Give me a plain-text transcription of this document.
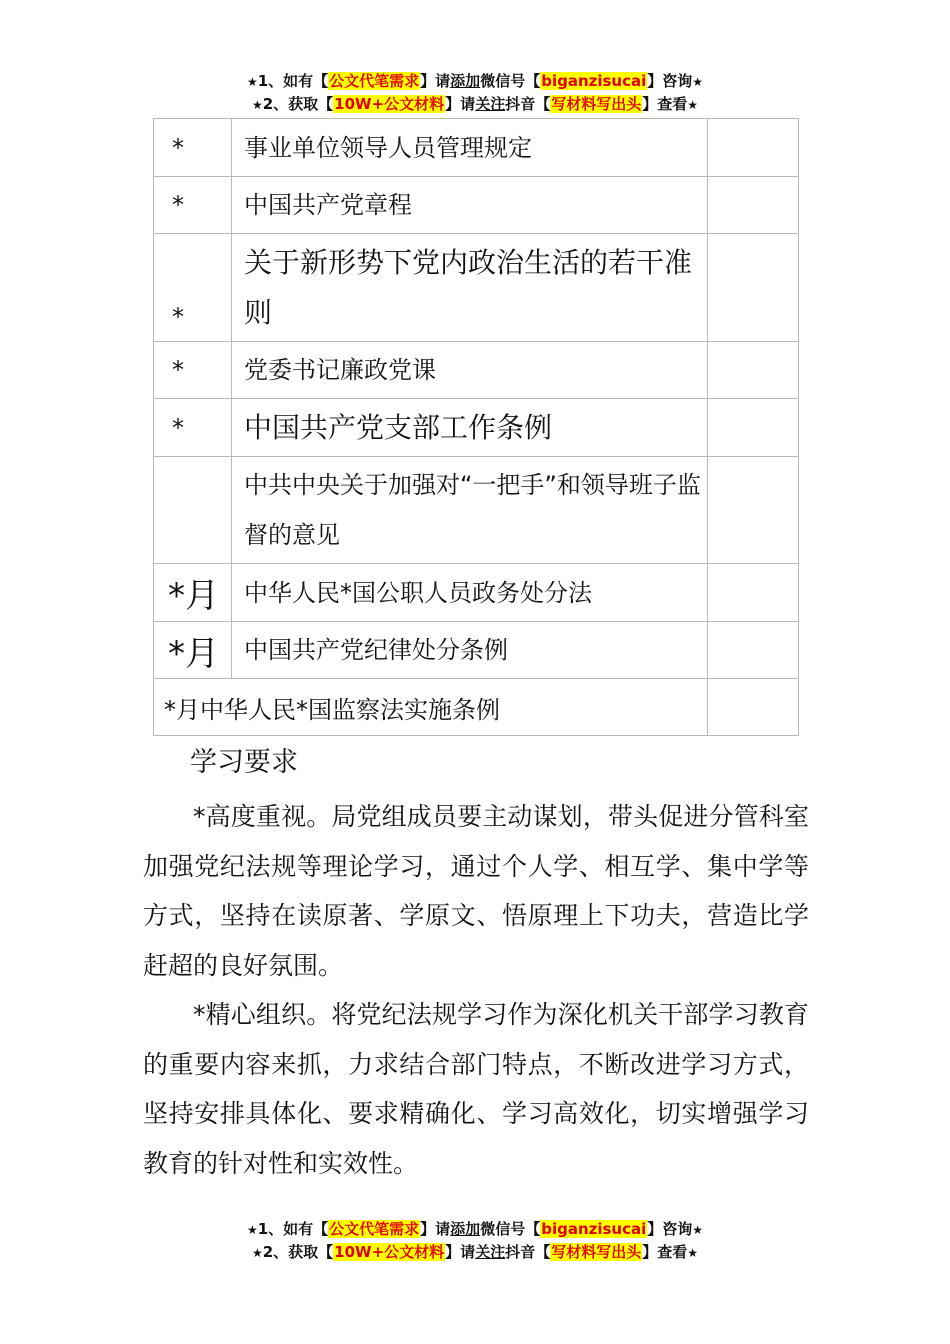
★1、如有【公文代笔需求】请添加微信号【biganzisucai】咨询★
★2、获取【10W+公文材料】请关注抖音【写材料写出头】查看★
*	事业单位领导人员管理规定	
*	中国共产党章程	
*	关于新形势下党内政治生活的若干准则	
*	党委书记廉政党课	
*	中国共产党支部工作条例	
	中共中央关于加强对“一把手”和领导班子监督的意见	
*月	中华人民*国公职人员政务处分法	
*月	中国共产党纪律处分条例	
*月中华人民*国监察法实施条例		
学习要求
*高度重视。局党组成员要主动谋划，带头促进分管科室加强党纪法规等理论学习，通过个人学、相互学、集中学等方式，坚持在读原著、学原文、悟原理上下功夫，营造比学赶超的良好氛围。
*精心组织。将党纪法规学习作为深化机关干部学习教育的重要内容来抓，力求结合部门特点，不断改进学习方式，坚持安排具体化、要求精确化、学习高效化，切实增强学习教育的针对性和实效性。
★1、如有【公文代笔需求】请添加微信号【biganzisucai】咨询★
★2、获取【10W+公文材料】请关注抖音【写材料写出头】查看★
